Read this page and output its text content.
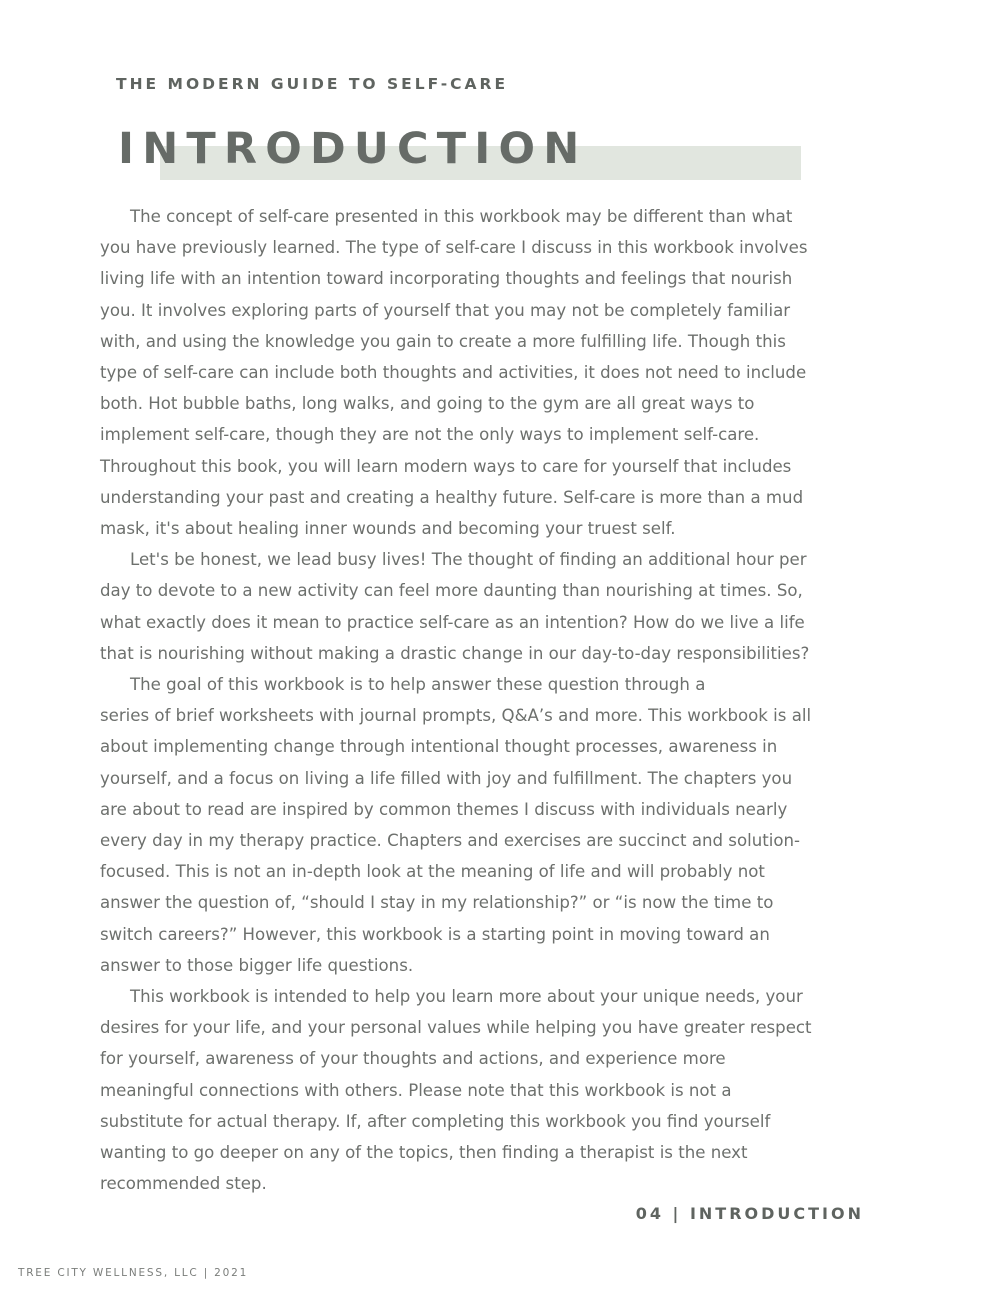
THE MODERN GUIDE TO SELF-CARE

INTRODUCTION
The concept of self-care presented in this workbook may be different than what
you have previously learned. The type of self-care I discuss in this workbook involves
living life with an intention toward incorporating thoughts and feelings that nourish
you. It involves exploring parts of yourself that you may not be completely familiar
with, and using the knowledge you gain to create a more fulfilling life. Though this
type of self-care can include both thoughts and activities, it does not need to include
both. Hot bubble baths, long walks, and going to the gym are all great ways to
implement self-care, though they are not the only ways to implement self-care.
Throughout this book, you will learn modern ways to care for yourself that includes
understanding your past and creating a healthy future. Self-care is more than a mud
mask, it's about healing inner wounds and becoming your truest self.
Let's be honest, we lead busy lives! The thought of finding an additional hour per
day to devote to a new activity can feel more daunting than nourishing at times. So,
what exactly does it mean to practice self-care as an intention? How do we live a life
that is nourishing without making a drastic change in our day-to-day responsibilities?
The goal of this workbook is to help answer these question through a
series of brief worksheets with journal prompts, Q&A’s and more. This workbook is all
about implementing change through intentional thought processes, awareness in
yourself, and a focus on living a life filled with joy and fulfillment. The chapters you
are about to read are inspired by common themes I discuss with individuals nearly
every day in my therapy practice. Chapters and exercises are succinct and solution-
focused. This is not an in-depth look at the meaning of life and will probably not
answer the question of, “should I stay in my relationship?” or “is now the time to
switch careers?” However, this workbook is a starting point in moving toward an
answer to those bigger life questions.
This workbook is intended to help you learn more about your unique needs, your
desires for your life, and your personal values while helping you have greater respect
for yourself, awareness of your thoughts and actions, and experience more
meaningful connections with others. Please note that this workbook is not a
substitute for actual therapy. If, after completing this workbook you find yourself
wanting to go deeper on any of the topics, then finding a therapist is the next
recommended step.

04 | INTRODUCTION

TREE CITY WELLNESS, LLC | 2021
